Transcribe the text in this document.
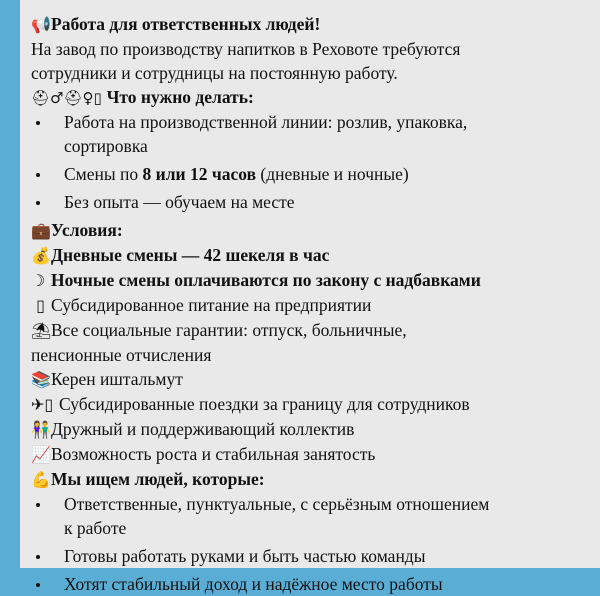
📢Работа для ответственных людей!
На завод по производству напитков в Реховоте требуются
сотрудники и сотрудницы на постоянную работу.
⛑♂⛑♀▯ Что нужно делать:
Работа на производственной линии: розлив, упаковка,
сортировка
Смены по 8 или 12 часов (дневные и ночные)
Без опыта — обучаем на месте
💼Условия:
💰Дневные смены — 42 шекеля в час
☽ Ночные смены оплачиваются по закону с надбавками
▯ Субсидированное питание на предприятии
⛱Все социальные гарантии: отпуск, больничные,
пенсионные отчисления
📚Керен иштальмут
✈▯ Субсидированные поездки за границу для сотрудников
👫Дружный и поддерживающий коллектив
📈Возможность роста и стабильная занятость
💪Мы ищем людей, которые:
Ответственные, пунктуальные, с серьёзным отношением
к работе
Готовы работать руками и быть частью команды
Хотят стабильный доход и надёжное место работы
